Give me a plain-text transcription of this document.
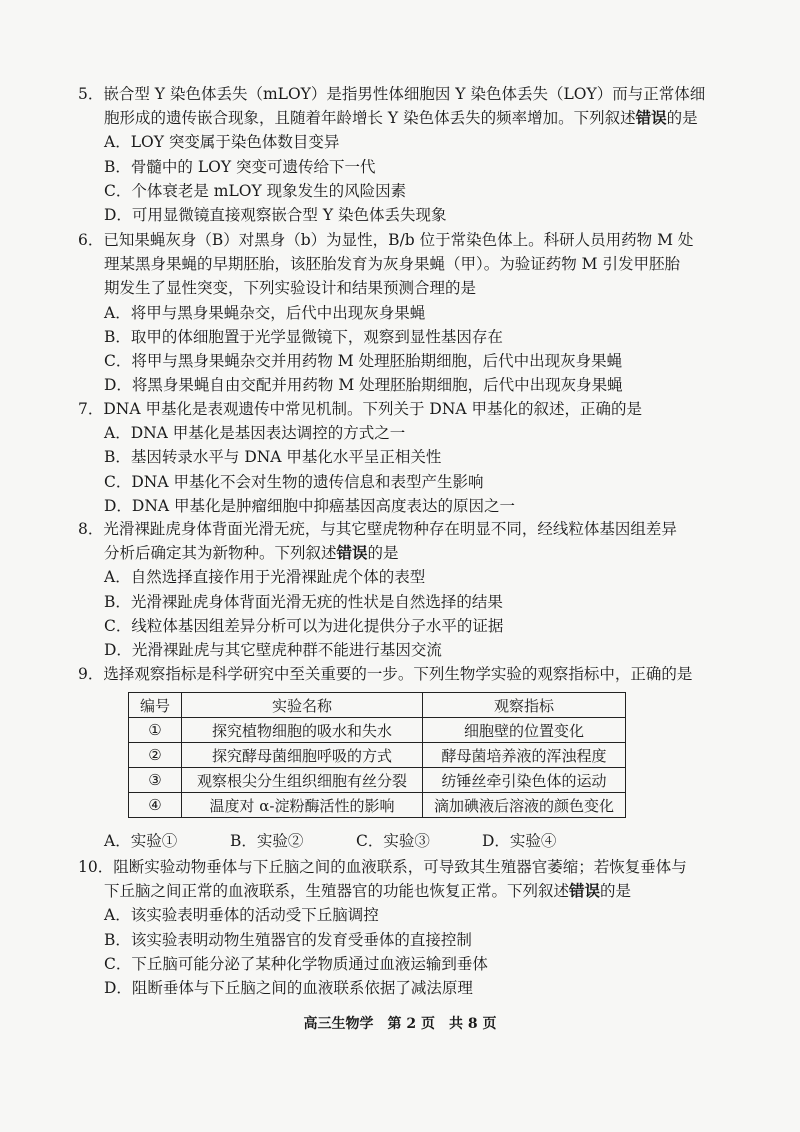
5．嵌合型 Y 染色体丢失（mLOY）是指男性体细胞因 Y 染色体丢失（LOY）而与正常体细
胞形成的遗传嵌合现象，且随着年龄增长 Y 染色体丢失的频率增加。下列叙述错误的是
A．LOY 突变属于染色体数目变异
B．骨髓中的 LOY 突变可遗传给下一代
C．个体衰老是 mLOY 现象发生的风险因素
D．可用显微镜直接观察嵌合型 Y 染色体丢失现象
6．已知果蝇灰身（B）对黑身（b）为显性，B/b 位于常染色体上。科研人员用药物 M 处
理某黑身果蝇的早期胚胎，该胚胎发育为灰身果蝇（甲）。为验证药物 M 引发甲胚胎
期发生了显性突变，下列实验设计和结果预测合理的是
A．将甲与黑身果蝇杂交，后代中出现灰身果蝇
B．取甲的体细胞置于光学显微镜下，观察到显性基因存在
C．将甲与黑身果蝇杂交并用药物 M 处理胚胎期细胞，后代中出现灰身果蝇
D．将黑身果蝇自由交配并用药物 M 处理胚胎期细胞，后代中出现灰身果蝇
7．DNA 甲基化是表观遗传中常见机制。下列关于 DNA 甲基化的叙述，正确的是
A．DNA 甲基化是基因表达调控的方式之一
B．基因转录水平与 DNA 甲基化水平呈正相关性
C．DNA 甲基化不会对生物的遗传信息和表型产生影响
D．DNA 甲基化是肿瘤细胞中抑癌基因高度表达的原因之一
8．光滑裸趾虎身体背面光滑无疣，与其它壁虎物种存在明显不同，经线粒体基因组差异
分析后确定其为新物种。下列叙述错误的是
A．自然选择直接作用于光滑裸趾虎个体的表型
B．光滑裸趾虎身体背面光滑无疣的性状是自然选择的结果
C．线粒体基因组差异分析可以为进化提供分子水平的证据
D．光滑裸趾虎与其它壁虎种群不能进行基因交流
9．选择观察指标是科学研究中至关重要的一步。下列生物学实验的观察指标中，正确的是
编号	实验名称	观察指标
①	探究植物细胞的吸水和失水	细胞壁的位置变化
②	探究酵母菌细胞呼吸的方式	酵母菌培养液的浑浊程度
③	观察根尖分生组织细胞有丝分裂	纺锤丝牵引染色体的运动
④	温度对 α-淀粉酶活性的影响	滴加碘液后溶液的颜色变化
A．实验①	B．实验②	C．实验③	D．实验④
10．阻断实验动物垂体与下丘脑之间的血液联系，可导致其生殖器官萎缩；若恢复垂体与
下丘脑之间正常的血液联系，生殖器官的功能也恢复正常。下列叙述错误的是
A．该实验表明垂体的活动受下丘脑调控
B．该实验表明动物生殖器官的发育受垂体的直接控制
C．下丘脑可能分泌了某种化学物质通过血液运输到垂体
D．阻断垂体与下丘脑之间的血液联系依据了减法原理
高三生物学　第 2 页　共 8 页
